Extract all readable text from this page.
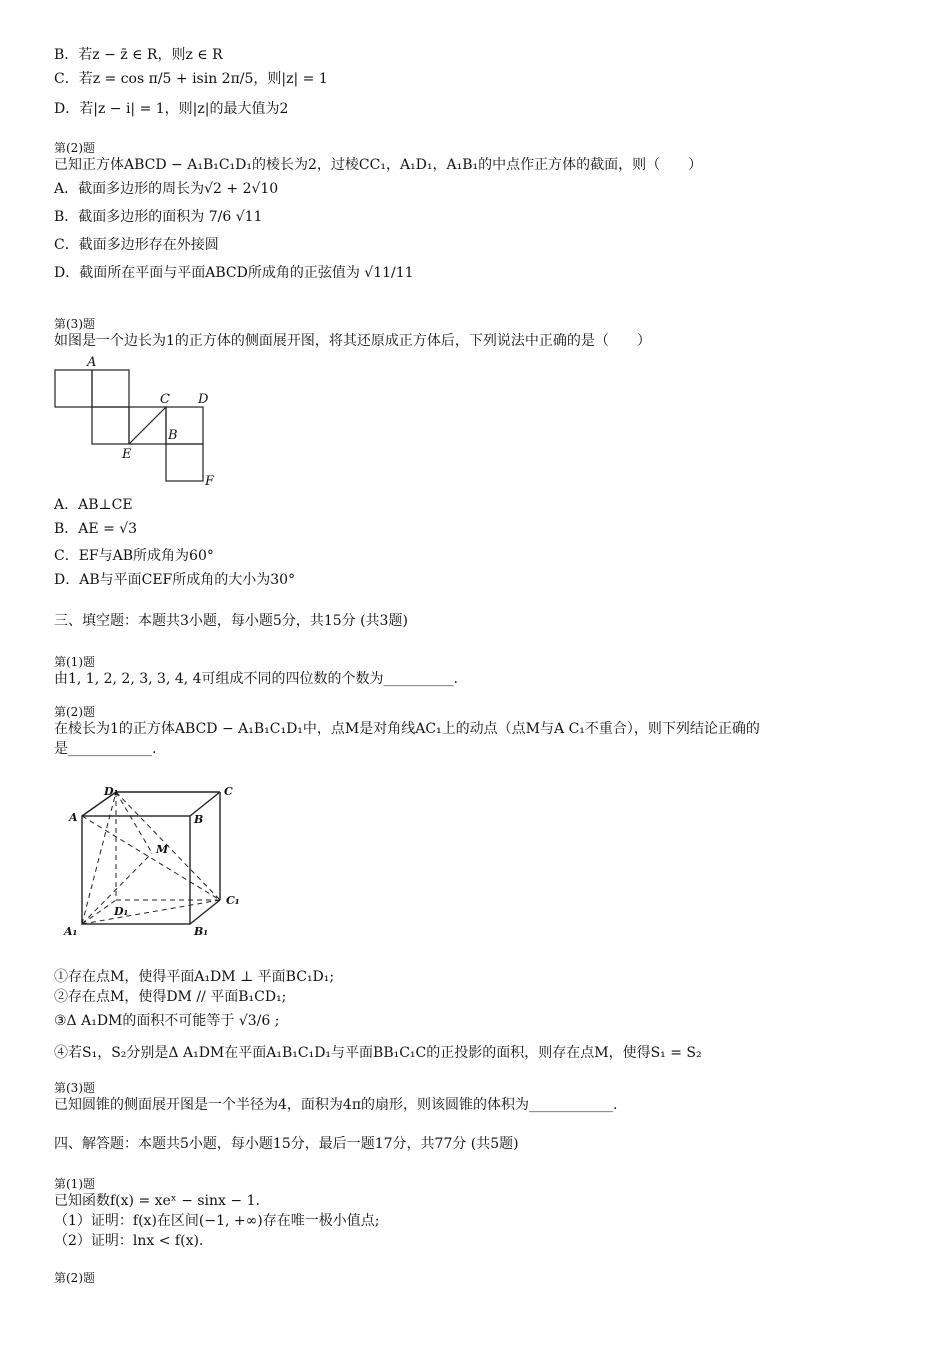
B．若z − z̄ ∈ R，则z ∈ R
C．若z = cos π/5 + isin 2π/5，则|z| = 1
D．若|z − i| = 1，则|z|的最大值为2
第(2)题
已知正方体ABCD − A₁B₁C₁D₁的棱长为2，过棱CC₁，A₁D₁，A₁B₁的中点作正方体的截面，则（　　）
A．截面多边形的周长为√2 + 2√10
B．截面多边形的面积为 7/6 √11
C．截面多边形存在外接圆
D．截面所在平面与平面ABCD所成角的正弦值为 √11/11
第(3)题
如图是一个边长为1的正方体的侧面展开图，将其还原成正方体后，下列说法中正确的是（　　）
A
C D
B
E
F
A．AB⊥CE
B．AE = √3
C．EF与AB所成角为60°
D．AB与平面CEF所成角的大小为30°
三、填空题：本题共3小题，每小题5分，共15分 (共3题)
第(1)题
由1, 1, 2, 2, 3, 3, 4, 4可组成不同的四位数的个数为__________.
第(2)题
在棱长为1的正方体ABCD − A₁B₁C₁D₁中，点M是对角线AC₁上的动点（点M与A C₁不重合），则下列结论正确的
是____________.
D₁	C
A	B
M
D₁
C₁
A₁	B₁
①存在点M，使得平面A₁DM ⊥ 平面BC₁D₁;
②存在点M，使得DM // 平面B₁CD₁;
③Δ A₁DM的面积不可能等于 √3/6 ;
④若S₁，S₂分别是Δ A₁DM在平面A₁B₁C₁D₁与平面BB₁C₁C的正投影的面积，则存在点M，使得S₁ = S₂
第(3)题
已知圆锥的侧面展开图是一个半径为4，面积为4π的扇形，则该圆锥的体积为____________.
四、解答题：本题共5小题，每小题15分，最后一题17分，共77分 (共5题)
第(1)题
已知函数f(x) = xeˣ − sinx − 1.
（1）证明：f(x)在区间(−1, +∞)存在唯一极小值点;
（2）证明：lnx < f(x).
第(2)题
